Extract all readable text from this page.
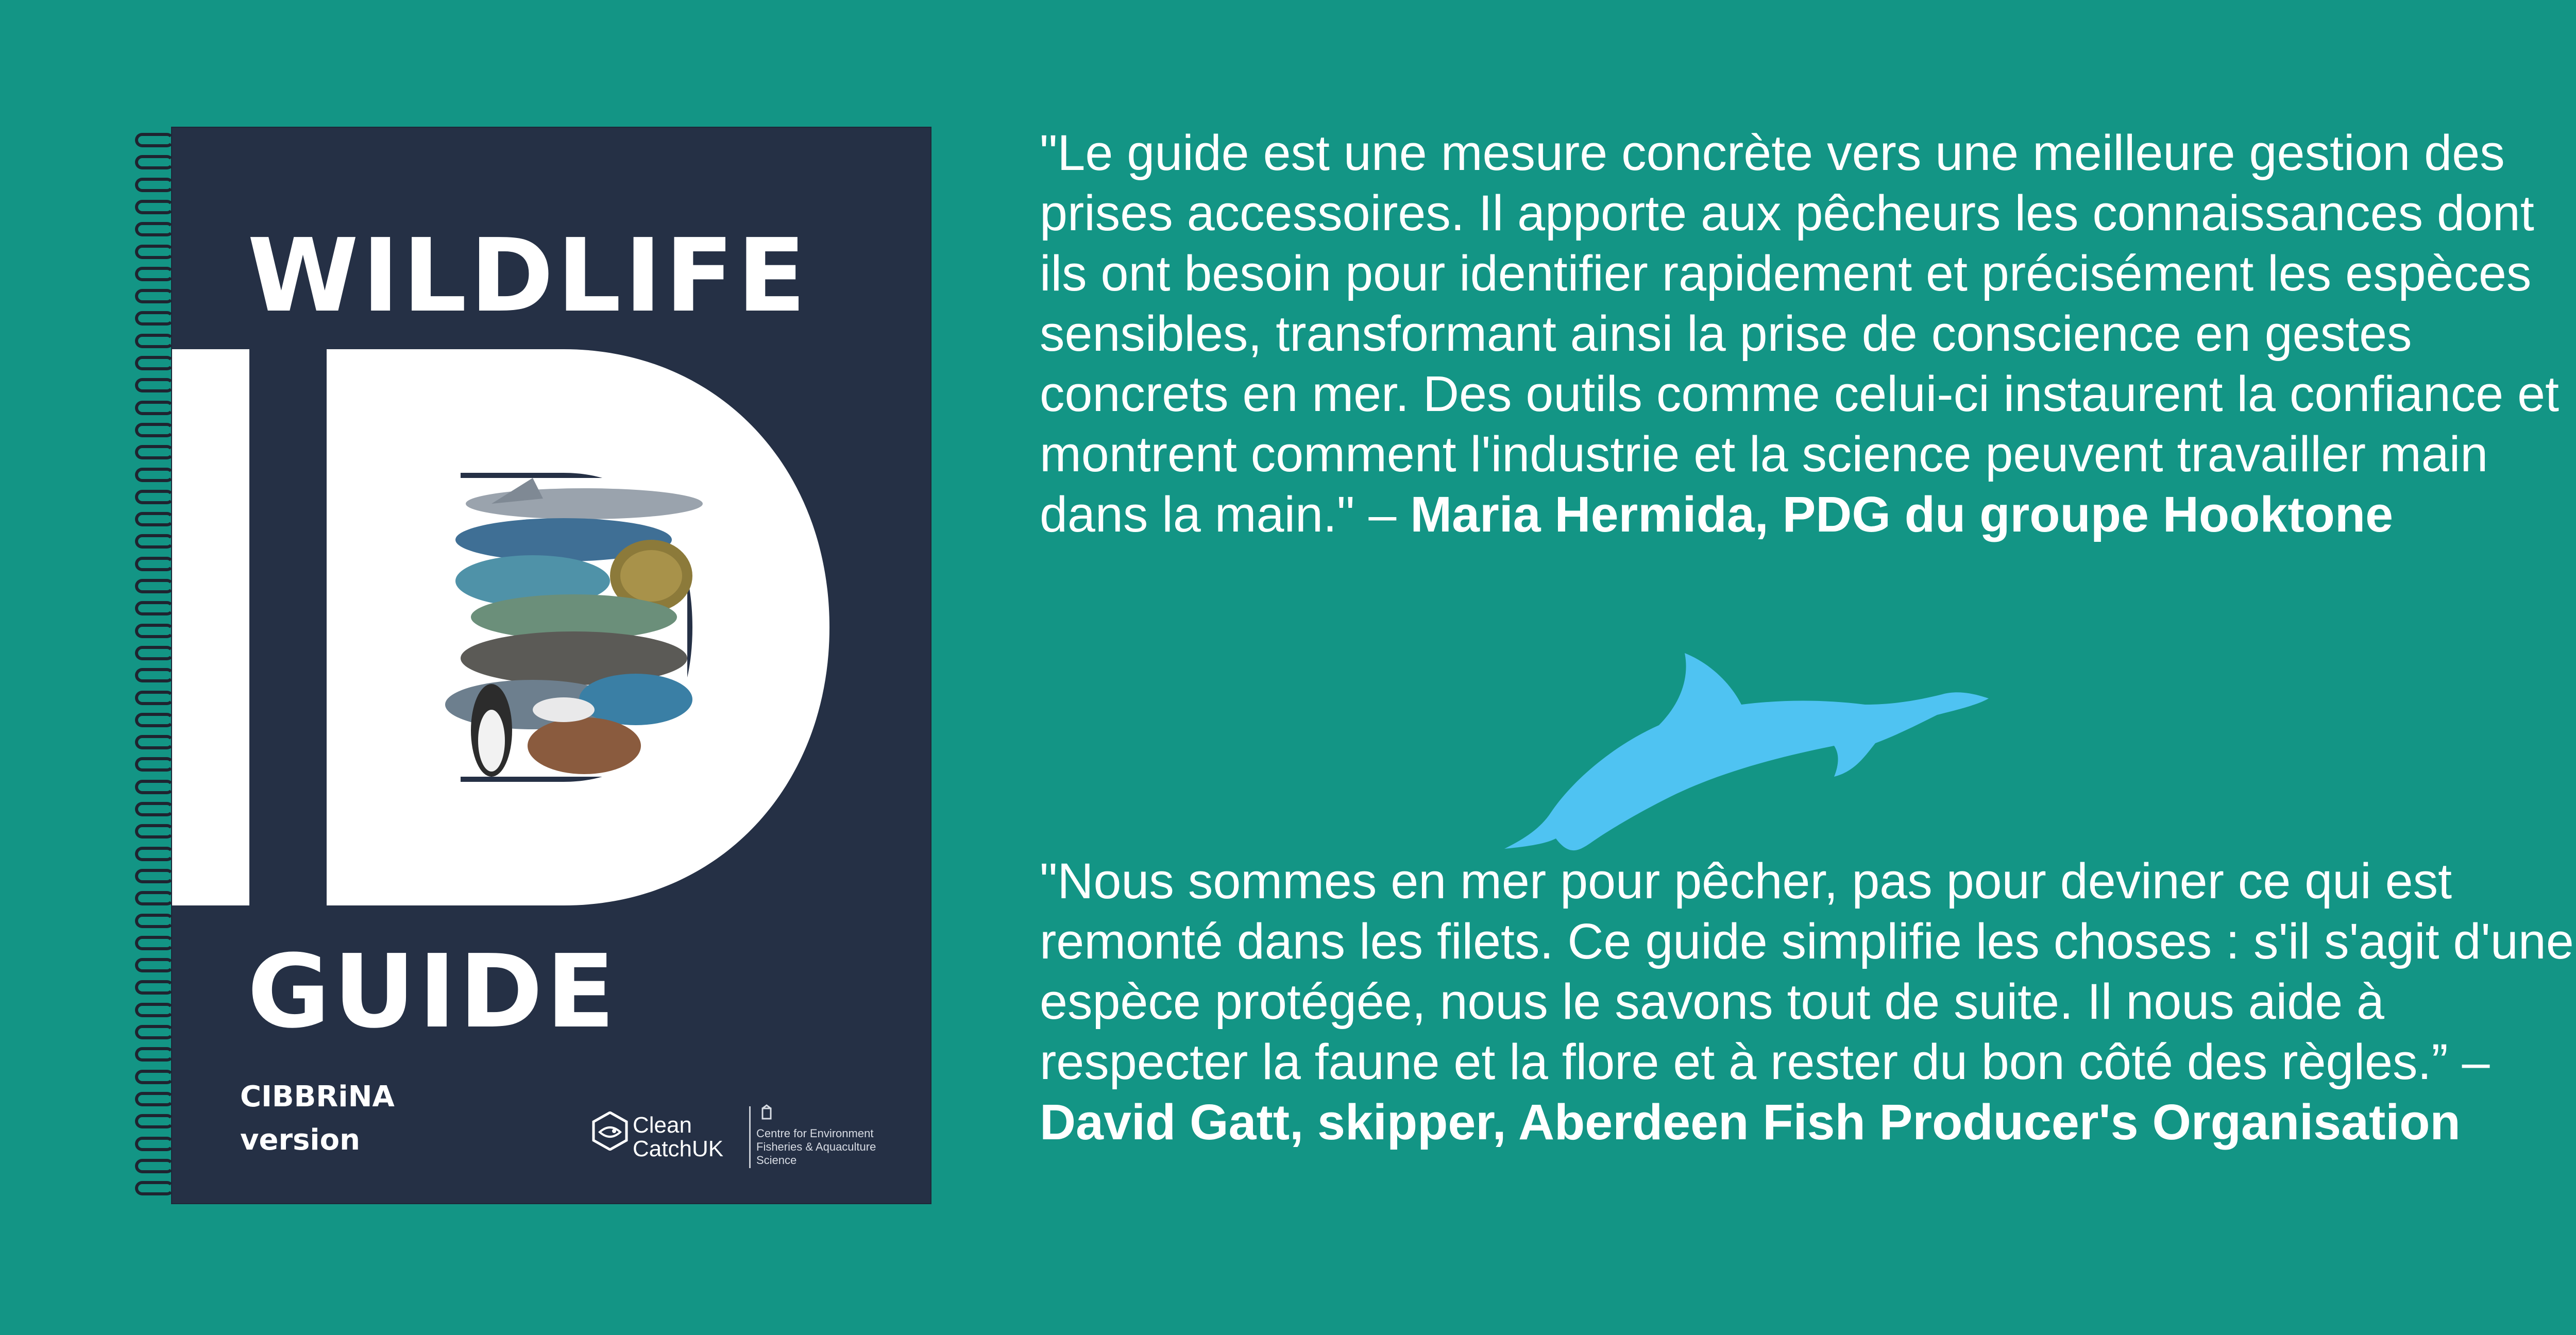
WILDLIFE
GUIDE
CIBBRiNA
version	Clean
CatchUK
Centre for Environment
Fisheries & Aquaculture
Science
"Le guide est une mesure concrète vers une meilleure gestion des prises accessoires. Il apporte aux pêcheurs les connaissances dont ils ont besoin pour identifier rapidement et précisément les espèces sensibles, transformant ainsi la prise de conscience en gestes concrets en mer. Des outils comme celui-ci instaurent la confiance et montrent comment l'industrie et la science peuvent travailler main dans la main." – Maria Hermida, PDG du groupe Hooktone
"Nous sommes en mer pour pêcher, pas pour deviner ce qui est remonté dans les filets. Ce guide simplifie les choses : s'il s'agit d'une espèce protégée, nous le savons tout de suite. Il nous aide à respecter la faune et la flore et à rester du bon côté des règles.” – David Gatt, skipper, Aberdeen Fish Producer's Organisation
